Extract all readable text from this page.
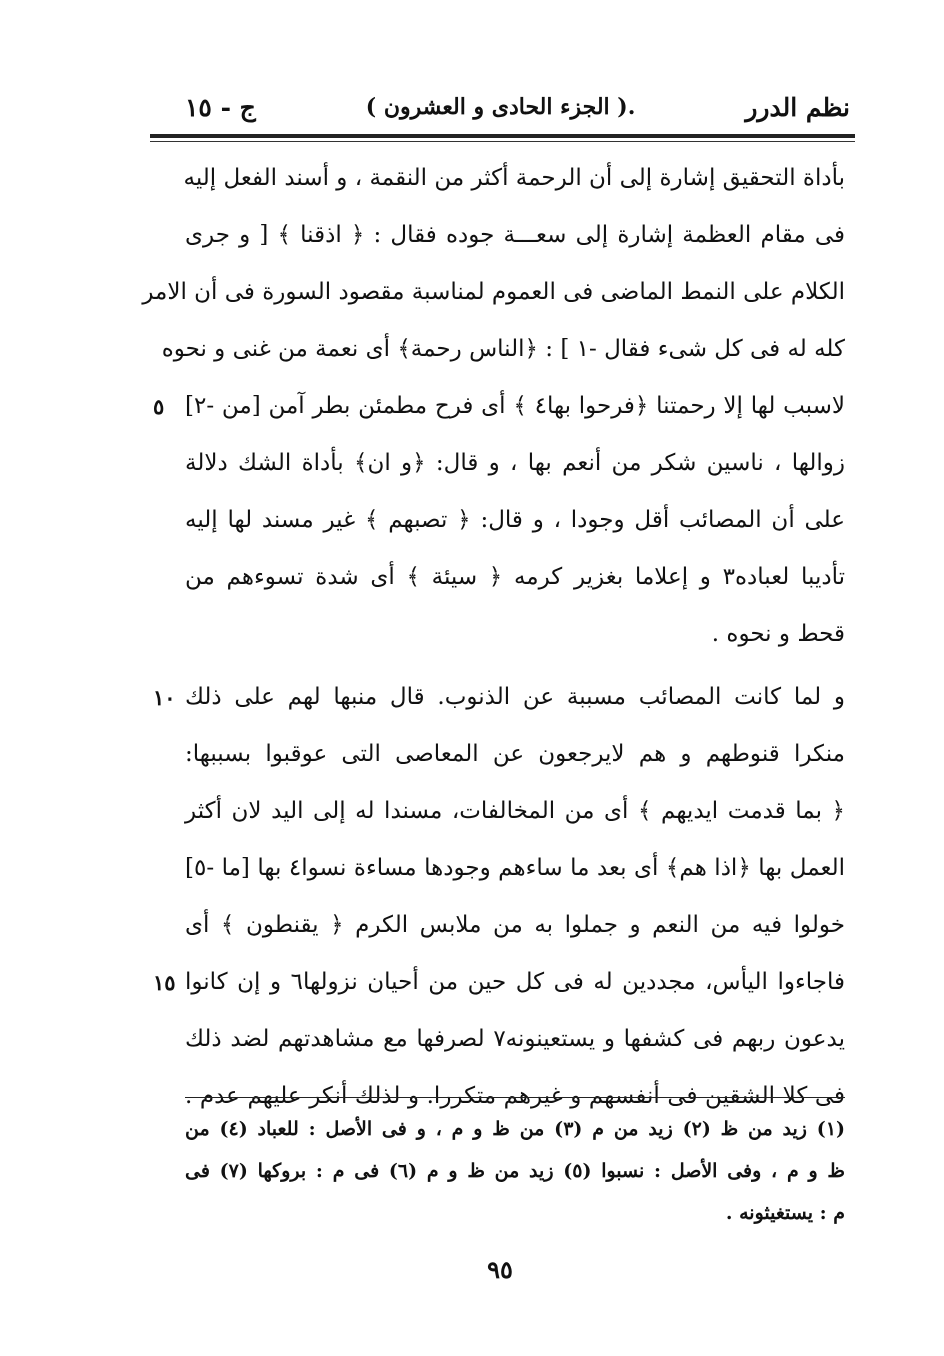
نظم الدرر
.( الجزء الحادى و العشرون )
ج - ١٥
بأداة التحقيق إشارة إلى أن الرحمة أكثر من النقمة ، و أسند الفعل إليه
فى مقام العظمة إشارة إلى سعـــة جوده فقال : ﴿ اذقنا ﴾ [ و جرى
الكلام على النمط الماضى فى العموم لمناسبة مقصود السورة فى أن الامر
كله له فى كل شىء فقال -١ ] : ﴿الناس رحمة﴾ أى نعمة من غنى و نحوه
لاسبب لها إلا رحمتنا ﴿فرحوا بها٤ ﴾ أى فرح مطمئن بطر آمن [من -٢]
٥
زوالها ، ناسين شكر من أنعم بها ، و قال: ﴿و ان﴾ بأداة الشك دلالة
على أن المصائب أقل وجودا ، و قال: ﴿ تصبهم ﴾ غير مسند لها إليه
تأديبا لعباده٣ و إعلاما بغزير كرمه ﴿ سيئة ﴾ أى شدة تسوءهم من
قحط و نحوه .
و لما كانت المصائب مسببة عن الذنوب. قال منبها لهم على ذلك
١٠
منكرا قنوطهم و هم لايرجعون عن المعاصى التى عوقبوا بسببها:
﴿ بما قدمت ايديهم ﴾ أى من المخالفات، مسندا له إلى اليد لان أكثر
العمل بها ﴿اذا هم﴾ أى بعد ما ساءهم وجودها مساءة نسوا٤ بها [ما -٥]
خولوا فيه من النعم و جملوا به من ملابس الكرم ﴿ يقنطون ﴾ أى
فاجاءوا اليأس، مجددين له فى كل حين من أحيان نزولها٦ و إن كانوا
١٥
يدعون ربهم فى كشفها و يستعينونه٧ لصرفها مع مشاهدتهم لضد ذلك
فى كلا الشقين فى أنفسهم و غيرهم متكررا. و لذلك أنكر عليهم عدم .
(١) زيد من ظ (٢) زيد من م (٣) من ظ و م ، و فى الأصل : للعباد (٤) من
ظ و م ، وفى الأصل : نسبوا (٥) زيد من ظ و م (٦) فى م : بروكها (٧) فى
م : يستغيثونه .
٩٥
